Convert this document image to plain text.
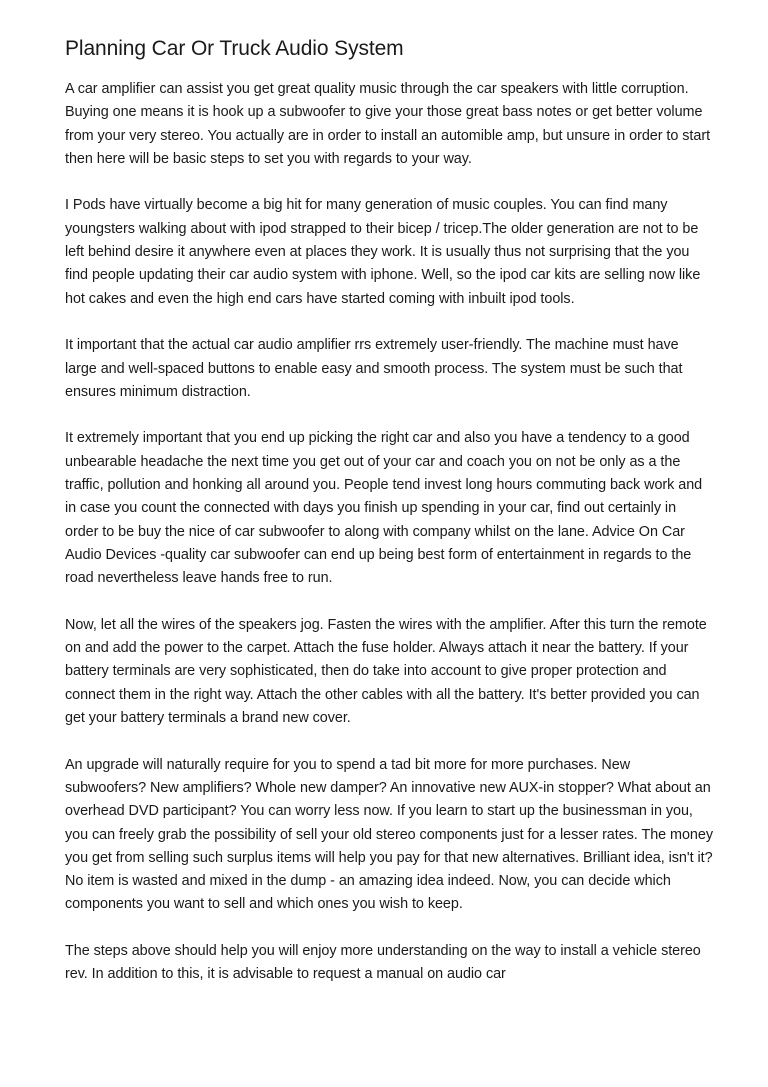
Planning Car Or Truck Audio System

A car amplifier can assist you get great quality music through the car speakers with little corruption. Buying one means it is hook up a subwoofer to give your those great bass notes or get better volume from your very stereo. You actually are in order to install an automible amp, but unsure in order to start then here will be basic steps to set you with regards to your way.

I Pods have virtually become a big hit for many generation of music couples. You can find many youngsters walking about with ipod strapped to their bicep / tricep.The older generation are not to be left behind desire it anywhere even at places they work. It is usually thus not surprising that the you find people updating their car audio system with iphone. Well, so the ipod car kits are selling now like hot cakes and even the high end cars have started coming with inbuilt ipod tools.

It important that the actual car audio amplifier rrs extremely user-friendly. The machine must have large and well-spaced buttons to enable easy and smooth process. The system must be such that ensures minimum distraction.

It extremely important that you end up picking the right car and also you have a tendency to a good unbearable headache the next time you get out of your car and coach you on not be only as a the traffic, pollution and honking all around you. People tend invest long hours commuting back work and in case you count the connected with days you finish up spending in your car, find out certainly in order to be buy the nice of car subwoofer to along with company whilst on the lane. Advice On Car Audio Devices -quality car subwoofer can end up being best form of entertainment in regards to the road nevertheless leave hands free to run.

Now, let all the wires of the speakers jog. Fasten the wires with the amplifier. After this turn the remote on and add the power to the carpet. Attach the fuse holder. Always attach it near the battery. If your battery terminals are very sophisticated, then do take into account to give proper protection and connect them in the right way. Attach the other cables with all the battery. It's better provided you can get your battery terminals a brand new cover.

An upgrade will naturally require for you to spend a tad bit more for more purchases. New subwoofers? New amplifiers? Whole new damper? An innovative new AUX-in stopper? What about an overhead DVD participant? You can worry less now. If you learn to start up the businessman in you, you can freely grab the possibility of sell your old stereo components just for a lesser rates. The money you get from selling such surplus items will help you pay for that new alternatives. Brilliant idea, isn't it? No item is wasted and mixed in the dump - an amazing idea indeed. Now, you can decide which components you want to sell and which ones you wish to keep.

The steps above should help you will enjoy more understanding on the way to install a vehicle stereo rev. In addition to this, it is advisable to request a manual on audio car
